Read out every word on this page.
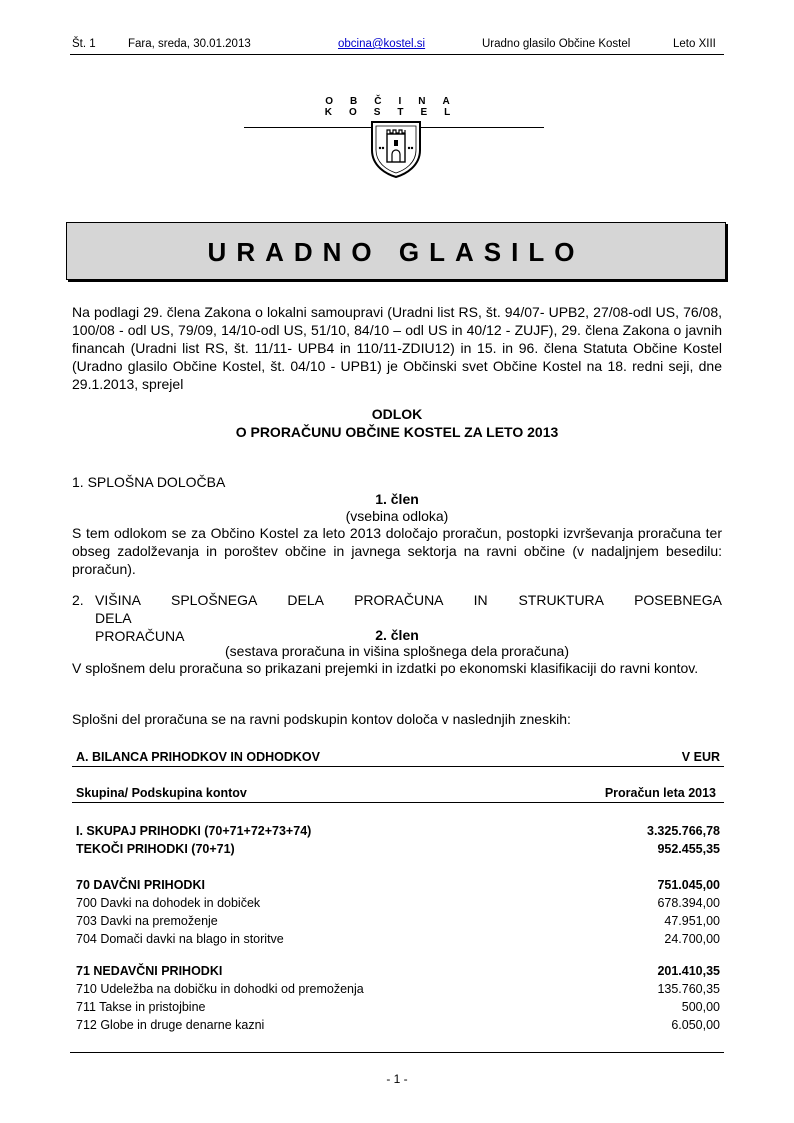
Št. 1	Fara, sreda, 30.01.2013	obcina@kostel.si	Uradno glasilo Občine Kostel	Leto XIII
OBČINA KOSTEL
URADNO GLASILO
Na podlagi 29. člena Zakona o lokalni samoupravi (Uradni list RS, št. 94/07- UPB2, 27/08-odl US, 76/08, 100/08 - odl US, 79/09, 14/10-odl US, 51/10, 84/10 – odl US in 40/12 - ZUJF), 29. člena Zakona o javnih financah (Uradni list RS, št. 11/11- UPB4 in 110/11-ZDIU12) in 15. in 96. člena Statuta Občine Kostel (Uradno glasilo Občine Kostel, št. 04/10 - UPB1) je Občinski svet Občine Kostel na 18. redni seji, dne 29.1.2013, sprejel
ODLOK
O PRORAČUNU OBČINE KOSTEL ZA LETO 2013
1. SPLOŠNA DOLOČBA
1. člen
(vsebina odloka)
S tem odlokom se za Občino Kostel za leto 2013 določajo proračun, postopki izvrševanja proračuna ter obseg zadolževanja in poroštev občine in javnega sektorja na ravni občine (v nadaljnjem besedilu: proračun).
2. VIŠINA SPLOŠNEGA DELA PRORAČUNA IN STRUKTURA POSEBNEGA DELA
PRORAČUNA	2. člen
(sestava proračuna in višina splošnega dela proračuna)
V splošnem delu proračuna so prikazani prejemki in izdatki po ekonomski klasifikaciji do ravni kontov.
Splošni del proračuna se na ravni podskupin kontov določa v naslednjih zneskih:
A. BILANCA PRIHODKOV IN ODHODKOV	V EUR
Skupina/ Podskupina kontov	Proračun leta 2013
I. SKUPAJ PRIHODKI (70+71+72+73+74)	3.325.766,78
TEKOČI PRIHODKI (70+71)	952.455,35
70 DAVČNI PRIHODKI	751.045,00
700 Davki na dohodek in dobiček	678.394,00
703 Davki na premoženje	47.951,00
704 Domači davki na blago in storitve	24.700,00
71 NEDAVČNI PRIHODKI	201.410,35
710 Udeležba na dobičku in dohodki od premoženja	135.760,35
711 Takse in pristojbine	500,00
712 Globe in druge denarne kazni	6.050,00
- 1 -
